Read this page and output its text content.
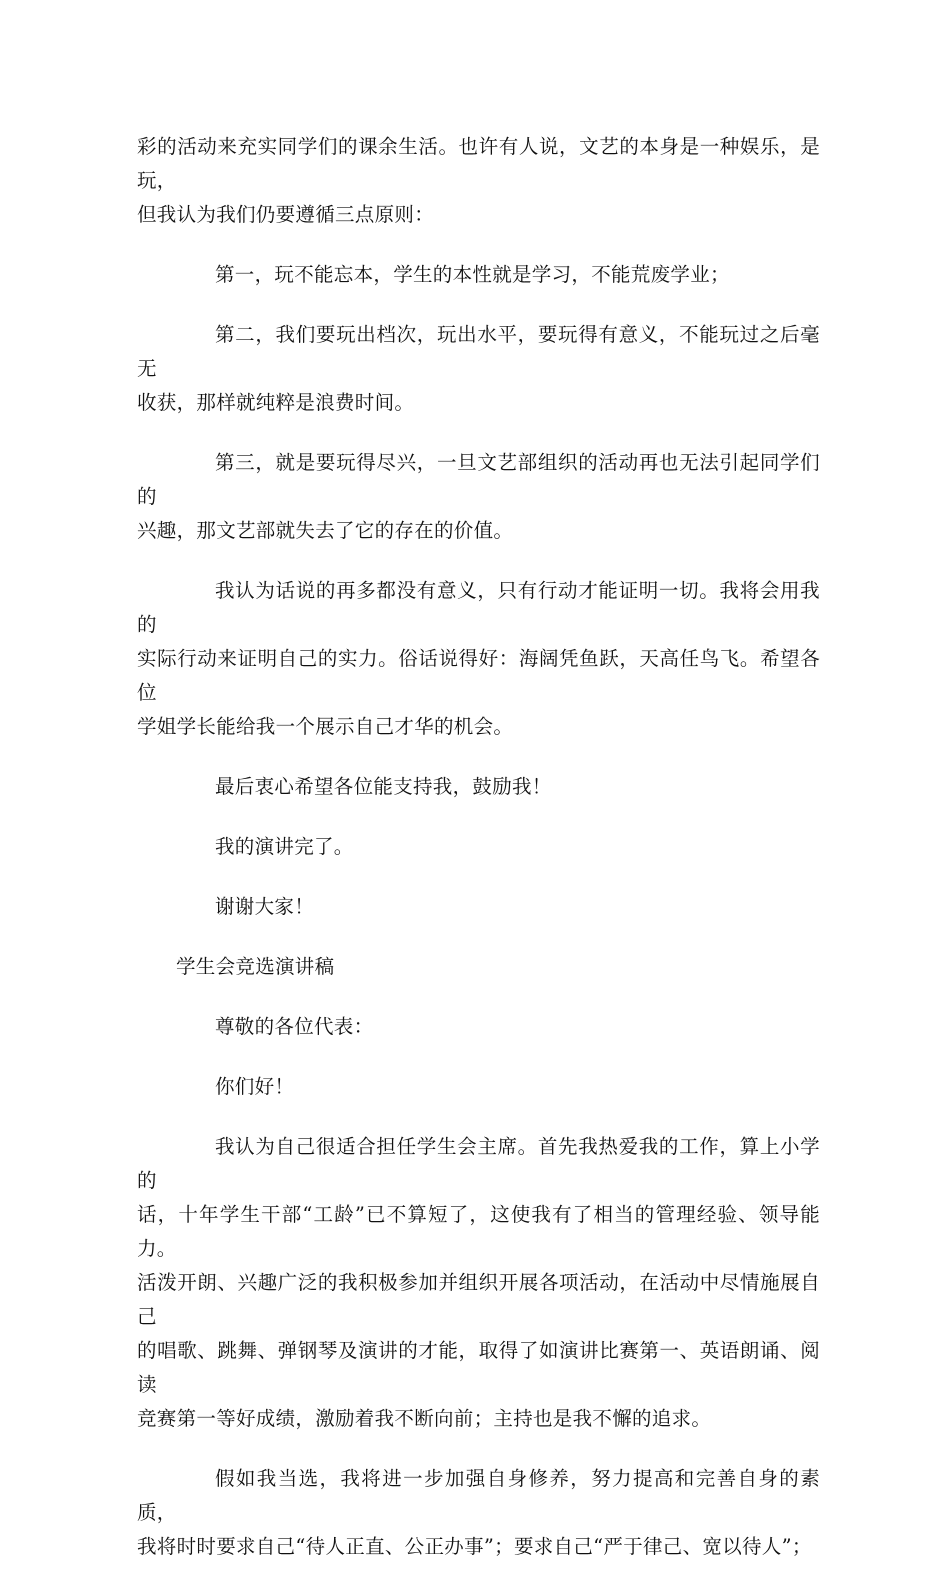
彩的活动来充实同学们的课余生活。也许有人说，文艺的本身是一种娱乐，是玩，
但我认为我们仍要遵循三点原则：

第一，玩不能忘本，学生的本性就是学习，不能荒废学业；

第二，我们要玩出档次，玩出水平，要玩得有意义，不能玩过之后毫无
收获，那样就纯粹是浪费时间。

第三，就是要玩得尽兴，一旦文艺部组织的活动再也无法引起同学们的
兴趣，那文艺部就失去了它的存在的价值。

我认为话说的再多都没有意义，只有行动才能证明一切。我将会用我的
实际行动来证明自己的实力。俗话说得好：海阔凭鱼跃，天高任鸟飞。希望各位
学姐学长能给我一个展示自己才华的机会。

最后衷心希望各位能支持我，鼓励我！

我的演讲完了。

谢谢大家！

学生会竞选演讲稿

尊敬的各位代表：

你们好！

我认为自己很适合担任学生会主席。首先我热爱我的工作，算上小学的
话，十年学生干部“工龄”已不算短了，这使我有了相当的管理经验、领导能力。
活泼开朗、兴趣广泛的我积极参加并组织开展各项活动，在活动中尽情施展自己
的唱歌、跳舞、弹钢琴及演讲的才能，取得了如演讲比赛第一、英语朗诵、阅读
竞赛第一等好成绩，激励着我不断向前；主持也是我不懈的追求。

假如我当选，我将进一步加强自身修养，努力提高和完善自身的素质，
我将时时要求自己“待人正直、公正办事”；要求自己“严于律己、宽以待人”；
